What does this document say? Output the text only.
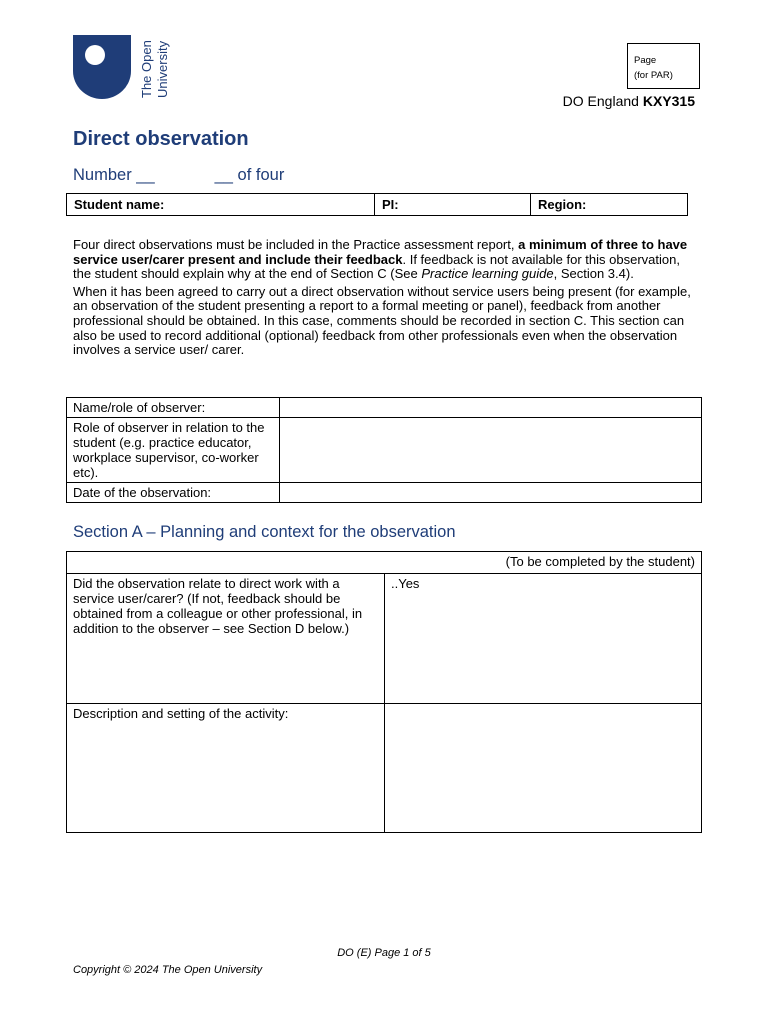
The Open University	Page
(for PAR)
DO England KXY315
Direct observation
Number __	__ of four
Student name:	PI:	Region:

Four direct observations must be included in the Practice assessment report, a minimum of three to have service user/carer present and include their feedback. If feedback is not available for this observation, the student should explain why at the end of Section C (See Practice learning guide, Section 3.4).

When it has been agreed to carry out a direct observation without service users being present (for example, an observation of the student presenting a report to a formal meeting or panel), feedback from another professional should be obtained. In this case, comments should be recorded in section C. This section can also be used to record additional (optional) feedback from other professionals even when the observation involves a service user/ carer.

Name/role of observer:	
Role of observer in relation to the student (e.g. practice educator, workplace supervisor, co-worker etc).	
Date of the observation:	
Section A – Planning and context for the observation
(To be completed by the student)	
Did the observation relate to direct work with a service user/carer? (If not, feedback should be obtained from a colleague or other professional, in addition to the observer – see Section D below.)	..Yes
Description and setting of the activity:	
DO (E) Page 1 of 5
Copyright © 2024 The Open University
